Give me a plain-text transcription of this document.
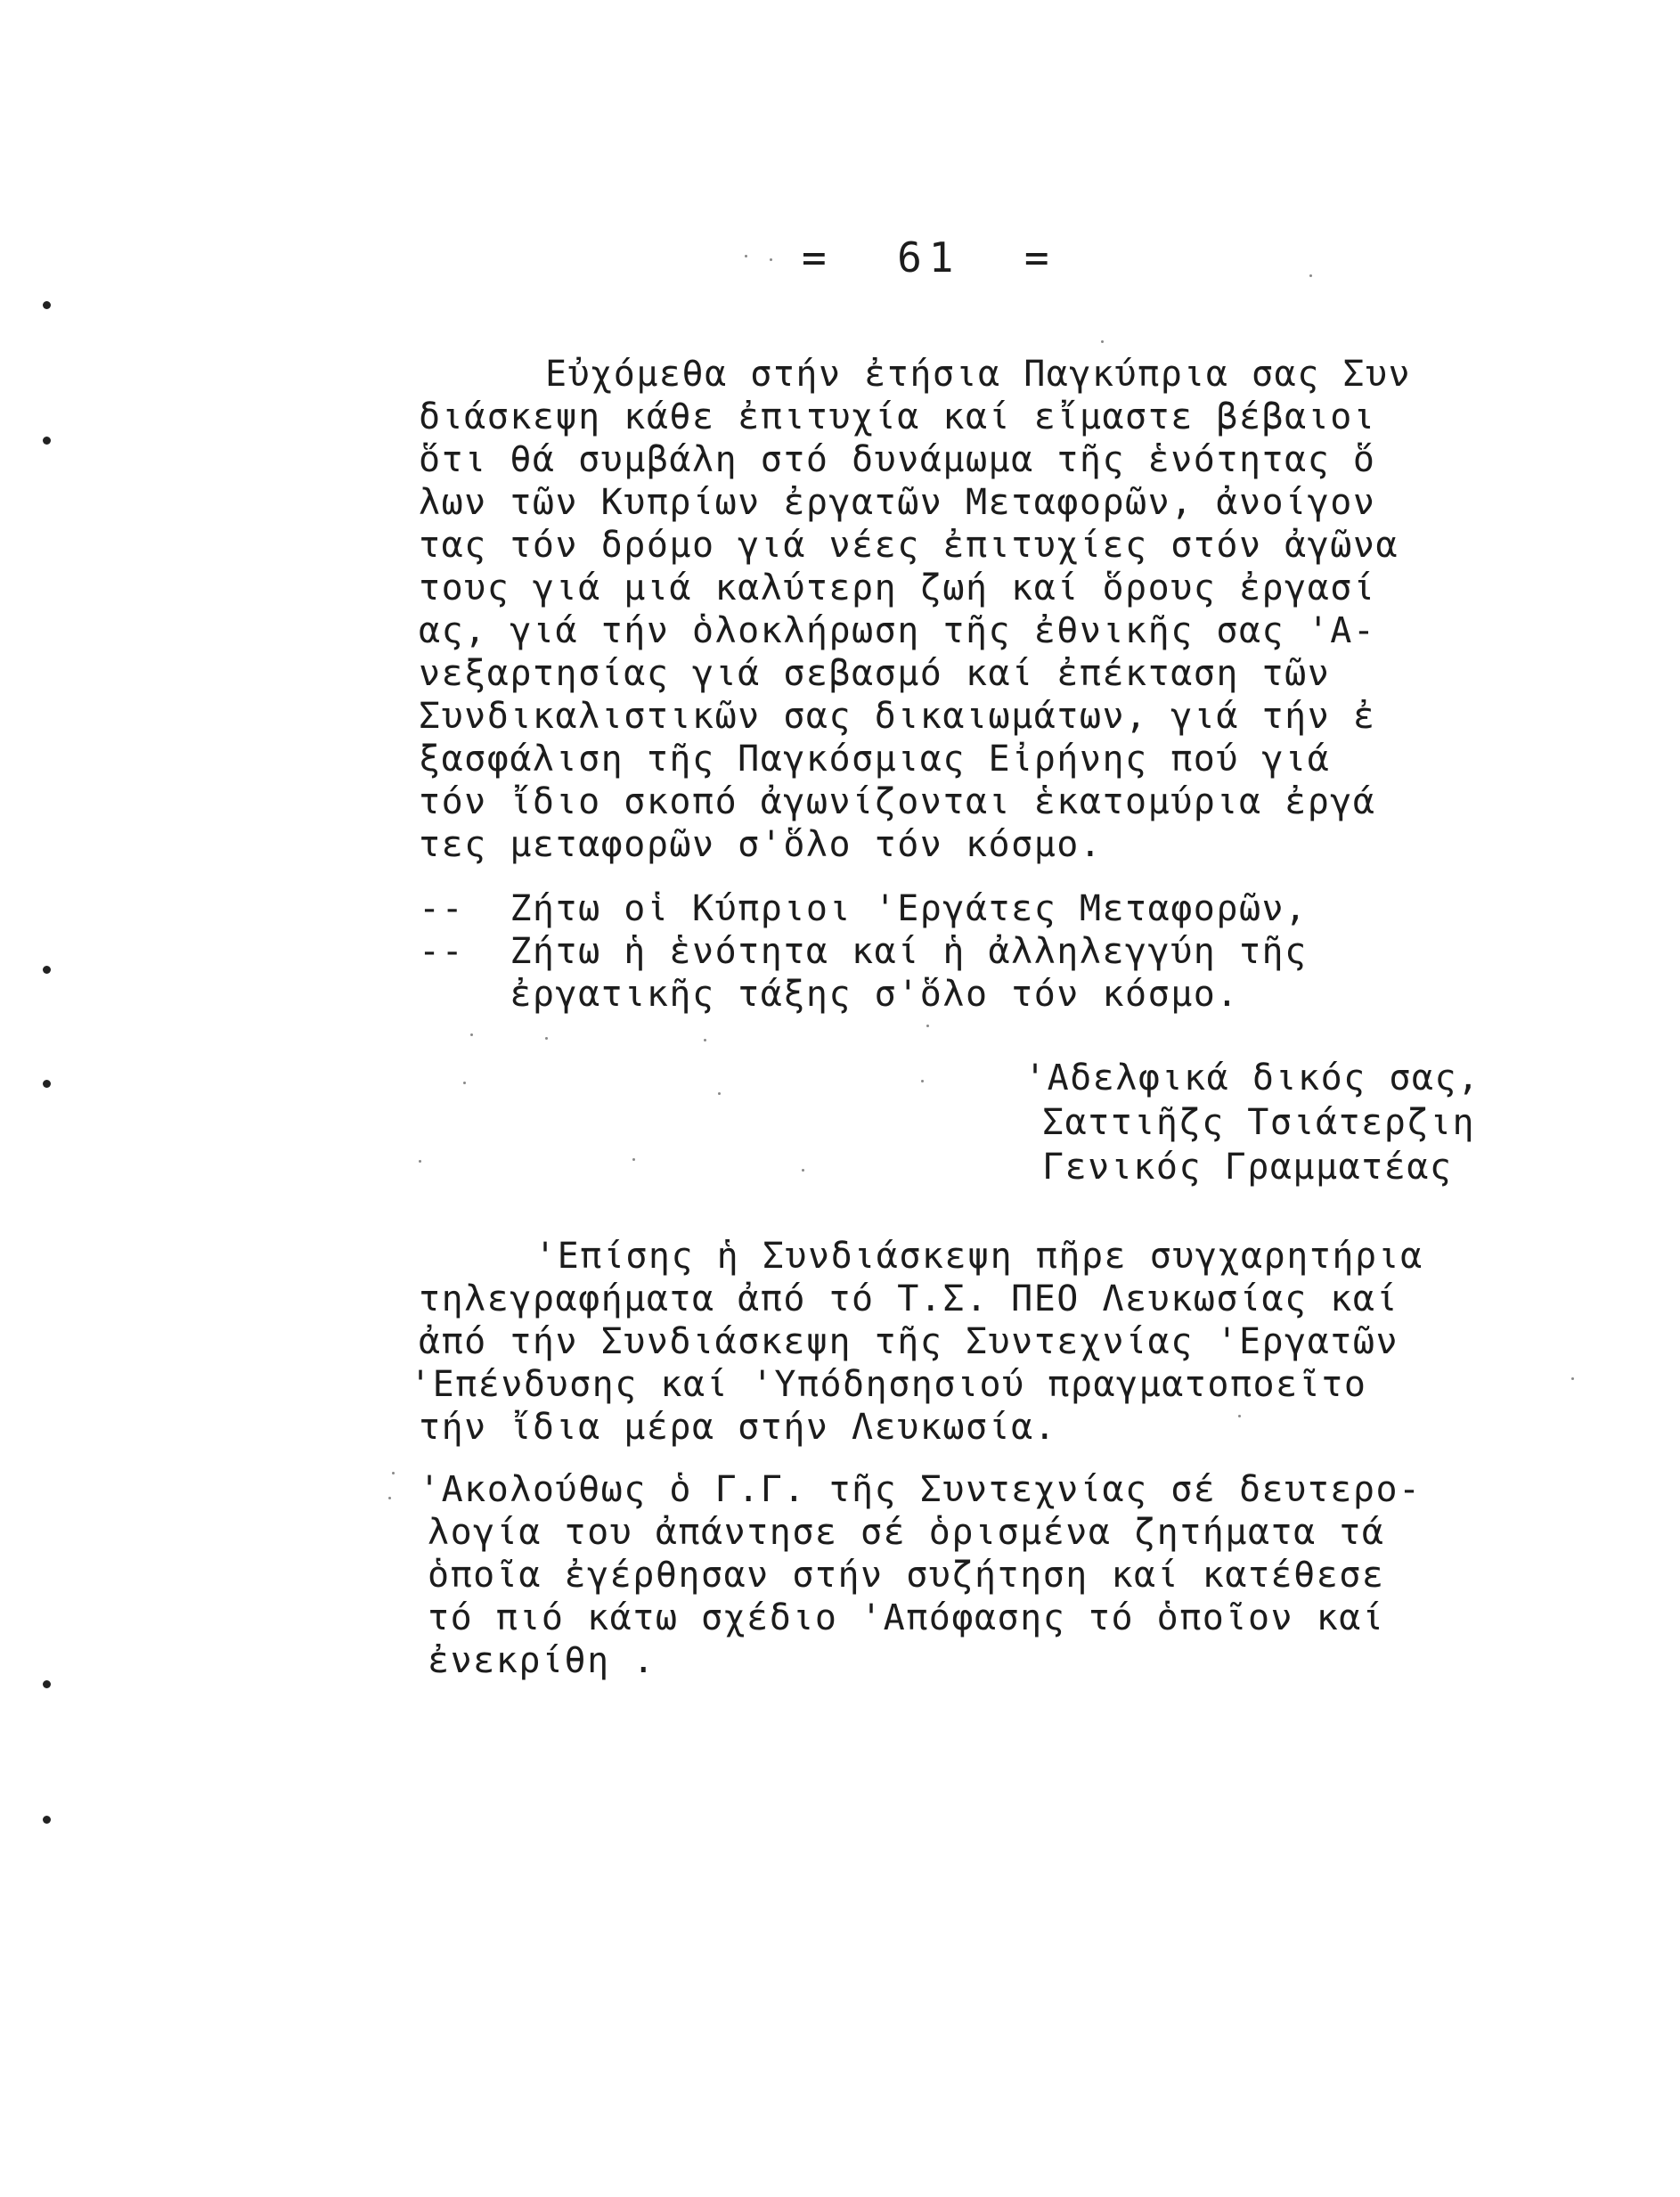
=  61  =
Εὐχόμεθα στήν ἐτήσια Παγκύπρια σας Συν
διάσκεψη κάθε ἐπιτυχία καί εἴμαστε βέβαιοι
ὅτι θά συμβάλη στό δυνάμωμα τῆς ἑνότητας ὅ
λων τῶν Κυπρίων ἐργατῶν Μεταφορῶν, ἀνοίγον
τας τόν δρόμο γιά νέες ἐπιτυχίες στόν ἀγῶνα
τους γιά μιά καλύτερη ζωή καί ὅρους ἐργασί
ας, γιά τήν ὁλοκλήρωση τῆς ἐθνικῆς σας 'Α-
νεξαρτησίας γιά σεβασμό καί ἐπέκταση τῶν
Συνδικαλιστικῶν σας δικαιωμάτων, γιά τήν ἐ
ξασφάλιση τῆς Παγκόσμιας Εἰρήνης πού γιά
τόν ἴδιο σκοπό ἀγωνίζονται ἑκατομύρια ἐργά
τες μεταφορῶν σ'ὅλο τόν κόσμο.
--  Ζήτω οἱ Κύπριοι 'Εργάτες Μεταφορῶν,
--  Ζήτω ἡ ἑνότητα καί ἡ ἀλληλεγγύη τῆς
ἐργατικῆς τάξης σ'ὅλο τόν κόσμο.
'Αδελφικά δικός σας,
Σαττιῆζς Τσιάτερζιη
Γενικός Γραμματέας
'Επίσης ἡ Συνδιάσκεψη πῆρε συγχαρητήρια
τηλεγραφήματα ἀπό τό Τ.Σ. ΠΕΟ Λευκωσίας καί
ἀπό τήν Συνδιάσκεψη τῆς Συντεχνίας 'Εργατῶν
'Επένδυσης καί 'Υπόδησησιού πραγματοποεῖτο
τήν ἴδια μέρα στήν Λευκωσία.
'Ακολούθως ὁ Γ.Γ. τῆς Συντεχνίας σέ δευτερο-
λογία του ἀπάντησε σέ ὁρισμένα ζητήματα τά
ὁποῖα ἐγέρθησαν στήν συζήτηση καί κατέθεσε
τό πιό κάτω σχέδιο 'Απόφασης τό ὁποῖον καί
ἐνεκρίθη .
